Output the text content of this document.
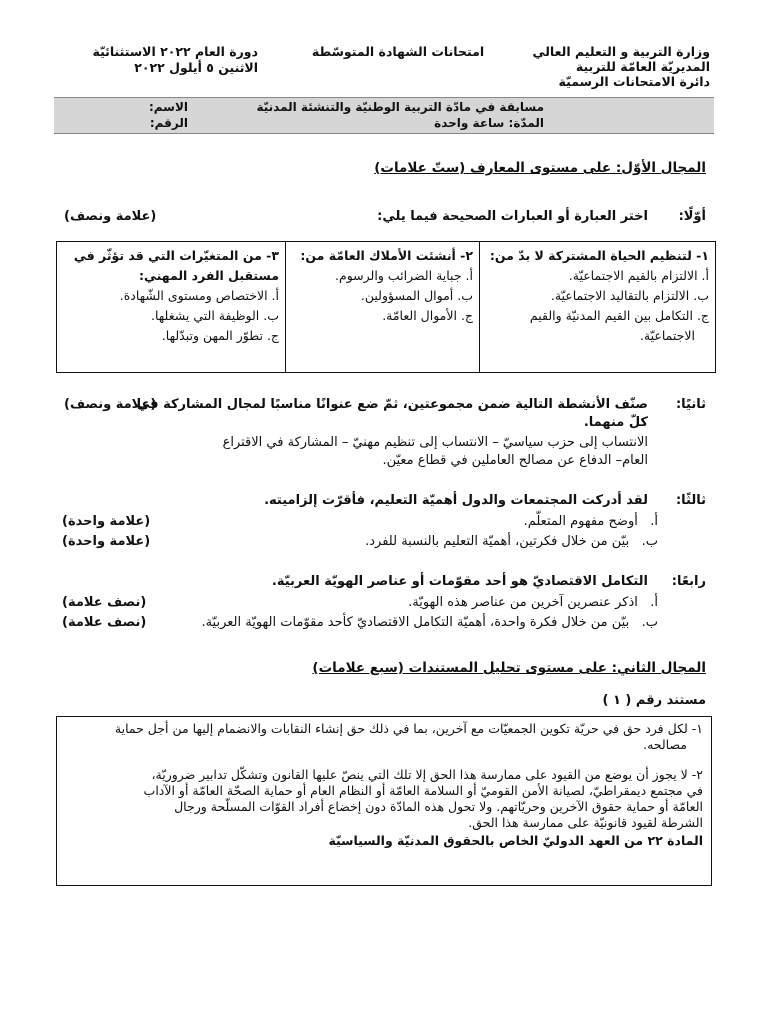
وزارة التربية و التعليم العالي
المديريّة العامّة للتربية
دائرة الامتحانات الرسميّة
امتحانات الشهادة المتوسّطة
دورة العام ٢٠٢٢ الاستثنائيّة
الاثنين ٥ أيلول ٢٠٢٢
مسابقة في مادّة التربية الوطنيّة والتنشئة المدنيّة
المدّة: ساعة واحدة
الاسم:
الرقم:
المجال الأوّل: على مستوى المعارف (ستّ علامات)
أوّلًا:
اختر العبارة أو العبارات الصحيحة فيما يلي:
(علامة ونصف)
١- لتنظيم الحياة المشتركة لا بدّ من:
أ. الالتزام بالقيم الاجتماعيّة.
ب. الالتزام بالتقاليد الاجتماعيّة.
ج. التكامل بين القيم المدنيّة والقيم
الاجتماعيّة.
٢- أنشئت الأملاك العامّة من:
أ. جباية الضرائب والرسوم.
ب. أموال المسؤولين.
ج. الأموال العامّة.
٣- من المتغيّرات التي قد تؤثّر في
مستقبل الفرد المهني:
أ. الاختصاص ومستوى الشّهادة.
ب. الوظيفة التي يشغلها.
ج. تطوّر المهن وتبدّلها.
ثانيًا:
صنّف الأنشطة التالية ضمن مجموعتين، ثمّ ضع عنوانًا مناسبًا لمجال المشاركة في
(علامة ونصف)
كلّ منهما.
الانتساب إلى حزب سياسيّ – الانتساب إلى تنظيم مهنيّ – المشاركة في الاقتراع
العام– الدفاع عن مصالح العاملين في قطاع معيّن.
ثالثًا:
لقد أدركت المجتمعات والدول أهميّة التعليم، فأقرّت إلزاميته.
أ.   أوضح مفهوم المتعلّم.
(علامة واحدة)
ب.   بيّن من خلال فكرتين، أهميّة التعليم بالنسبة للفرد.
(علامة واحدة)
رابعًا:
التكامل الاقتصاديّ هو أحد مقوّمات أو عناصر الهويّة العربيّة.
أ.   اذكر عنصرين آخرين من عناصر هذه الهويّة.
(نصف علامة)
ب.   بيّن من خلال فكرة واحدة، أهميّة التكامل الاقتصاديّ كأحد مقوّمات الهويّة العربيّة.
(نصف علامة)
المجال الثاني: على مستوى تحليل المستندات (سبع علامات)
مستند رقم ( ١ )

١- لكل فرد حق في حريّة تكوين الجمعيّات مع آخرين، بما في ذلك حق إنشاء النقابات والانضمام إليها من أجل حماية
مصالحه.

٢- لا يجوز أن يوضع من القيود على ممارسة هذا الحق إلا تلك التي ينصّ عليها القانون وتشكّل تدابير ضروريّة،
في مجتمع ديمقراطيّ، لصيانة الأمن القوميّ أو السلامة العامّة أو النظام العام أو حماية الصحّة العامّة أو الآداب
العامّة أو حماية حقوق الآخرين وحريّاتهم. ولا تحول هذه المادّة دون إخضاع أفراد القوّات المسلّحة ورجال
الشرطة لقيود قانونيّة على ممارسة هذا الحق.

المادة ٢٢ من العهد الدوليّ الخاص بالحقوق المدنيّة والسياسيّة
